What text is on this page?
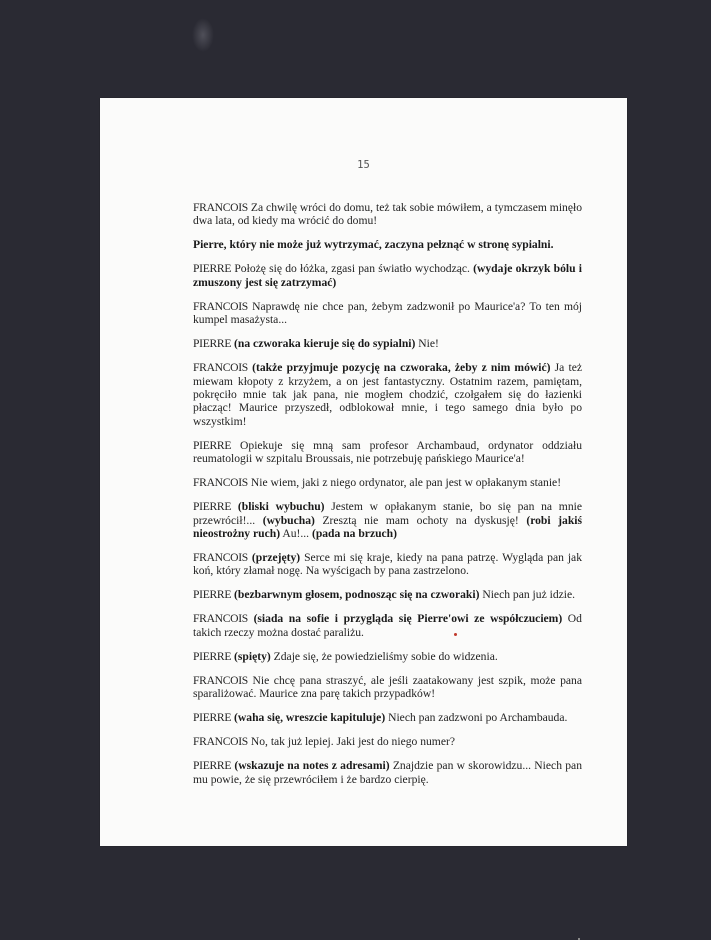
15

FRANCOIS Za chwilę wróci do domu, też tak sobie mówiłem, a tymczasem minęło dwa lata, od kiedy ma wrócić do domu!

Pierre, który nie może już wytrzymać, zaczyna pełznąć w stronę sypialni.

PIERRE Położę się do łóżka, zgasi pan światło wychodząc. (wydaje okrzyk bólu i zmuszony jest się zatrzymać)

FRANCOIS Naprawdę nie chce pan, żebym zadzwonił po Maurice'a? To ten mój kumpel masażysta...

PIERRE (na czworaka kieruje się do sypialni) Nie!

FRANCOIS (także przyjmuje pozycję na czworaka, żeby z nim mówić) Ja też miewam kłopoty z krzyżem, a on jest fantastyczny. Ostatnim razem, pamiętam, pokręciło mnie tak jak pana, nie mogłem chodzić, czołgałem się do łazienki płacząc! Maurice przyszedł, odblokował mnie, i tego samego dnia było po wszystkim!

PIERRE Opiekuje się mną sam profesor Archambaud, ordynator oddziału reumatologii w szpitalu Broussais, nie potrzebuję pańskiego Maurice'a!

FRANCOIS Nie wiem, jaki z niego ordynator, ale pan jest w opłakanym stanie!

PIERRE (bliski wybuchu) Jestem w opłakanym stanie, bo się pan na mnie przewrócił!... (wybucha) Zresztą nie mam ochoty na dyskusję! (robi jakiś nieostrożny ruch) Au!... (pada na brzuch)

FRANCOIS (przejęty) Serce mi się kraje, kiedy na pana patrzę. Wygląda pan jak koń, który złamał nogę. Na wyścigach by pana zastrzelono.

PIERRE (bezbarwnym głosem, podnosząc się na czworaki) Niech pan już idzie.

FRANCOIS (siada na sofie i przygląda się Pierre'owi ze współczuciem) Od takich rzeczy można dostać paraliżu.

PIERRE (spięty) Zdaje się, że powiedzieliśmy sobie do widzenia.

FRANCOIS Nie chcę pana straszyć, ale jeśli zaatakowany jest szpik, może pana sparaliżować. Maurice zna parę takich przypadków!

PIERRE (waha się, wreszcie kapituluje) Niech pan zadzwoni po Archambauda.

FRANCOIS No, tak już lepiej. Jaki jest do niego numer?

PIERRE (wskazuje na notes z adresami) Znajdzie pan w skorowidzu... Niech pan mu powie, że się przewróciłem i że bardzo cierpię.
